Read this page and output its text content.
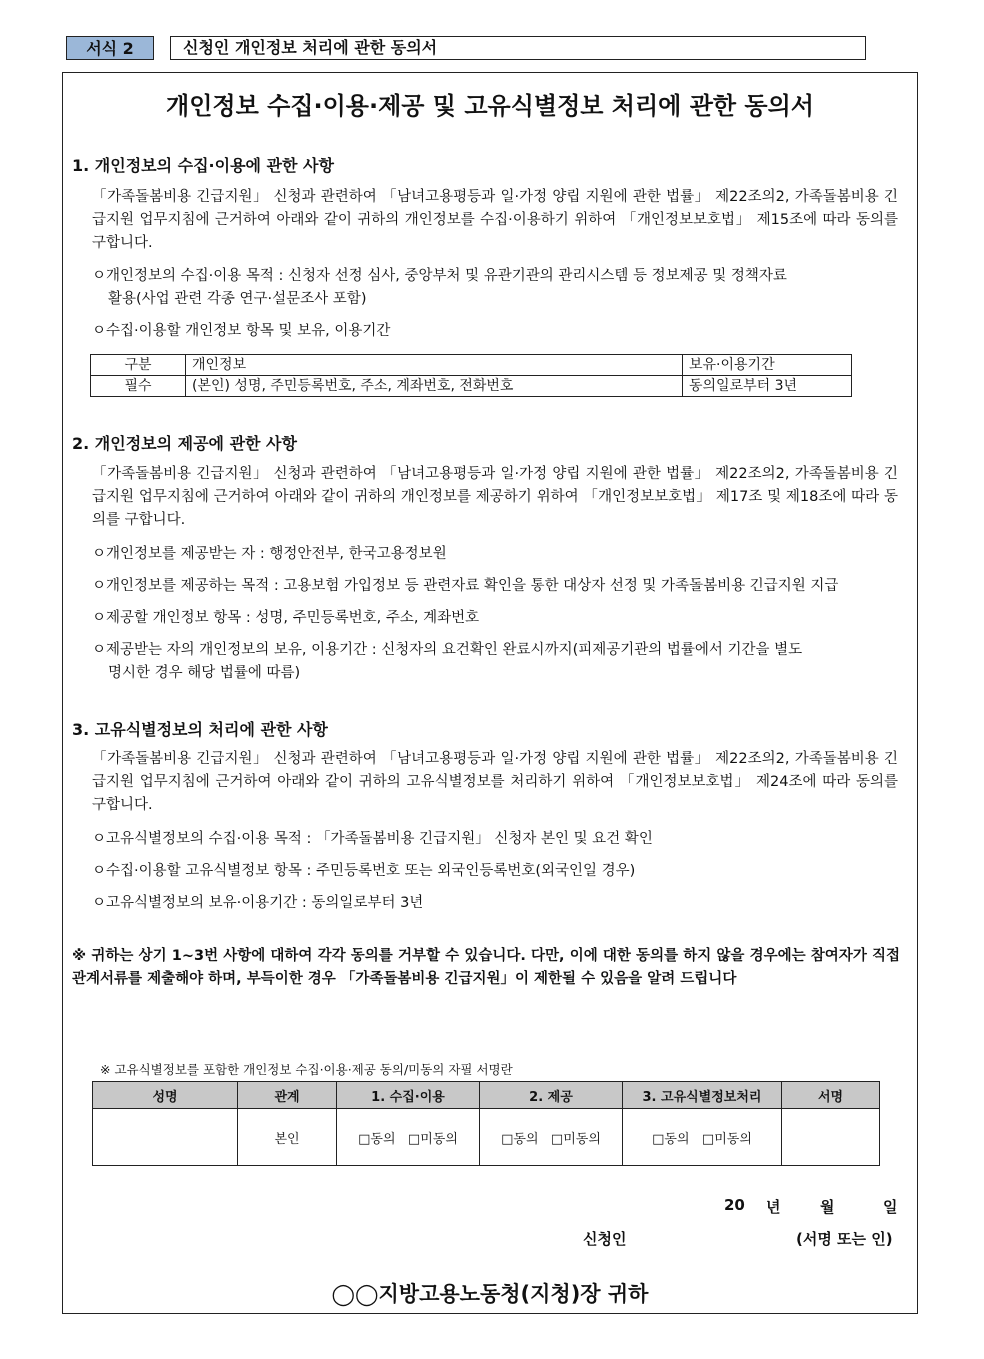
서식 2	신청인 개인정보 처리에 관한 동의서
개인정보 수집·이용·제공 및 고유식별정보 처리에 관한 동의서
1. 개인정보의 수집·이용에 관한 사항
「가족돌봄비용 긴급지원」 신청과 관련하여 「남녀고용평등과 일·가정 양립 지원에 관한 법률」 제22조의2, 가족돌봄비용 긴급지원 업무지침에 근거하여 아래와 같이 귀하의 개인정보를 수집·이용하기 위하여 「개인정보보호법」 제15조에 따라 동의를 구합니다.
ㅇ개인정보의 수집·이용 목적 : 신청자 선정 심사, 중앙부처 및 유관기관의 관리시스템 등 정보제공 및 정책자료
활용(사업 관련 각종 연구·설문조사 포함)
ㅇ수집·이용할 개인정보 항목 및 보유, 이용기간
구분	개인정보	보유·이용기간
필수	(본인) 성명, 주민등록번호, 주소, 계좌번호, 전화번호	동의일로부터 3년
2. 개인정보의 제공에 관한 사항
「가족돌봄비용 긴급지원」 신청과 관련하여 「남녀고용평등과 일·가정 양립 지원에 관한 법률」 제22조의2, 가족돌봄비용 긴급지원 업무지침에 근거하여 아래와 같이 귀하의 개인정보를 제공하기 위하여 「개인정보보호법」 제17조 및 제18조에 따라 동의를 구합니다.
ㅇ개인정보를 제공받는 자 : 행정안전부, 한국고용정보원
ㅇ개인정보를 제공하는 목적 : 고용보험 가입정보 등 관련자료 확인을 통한 대상자 선정 및 가족돌봄비용 긴급지원 지급
ㅇ제공할 개인정보 항목 : 성명, 주민등록번호, 주소, 계좌번호
ㅇ제공받는 자의 개인정보의 보유, 이용기간 : 신청자의 요건확인 완료시까지(피제공기관의 법률에서 기간을 별도
명시한 경우 해당 법률에 따름)
3. 고유식별정보의 처리에 관한 사항
「가족돌봄비용 긴급지원」 신청과 관련하여 「남녀고용평등과 일·가정 양립 지원에 관한 법률」 제22조의2, 가족돌봄비용 긴급지원 업무지침에 근거하여 아래와 같이 귀하의 고유식별정보를 처리하기 위하여 「개인정보보호법」 제24조에 따라 동의를 구합니다.
ㅇ고유식별정보의 수집·이용 목적 : 「가족돌봄비용 긴급지원」 신청자 본인 및 요건 확인
ㅇ수집·이용할 고유식별정보 항목 : 주민등록번호 또는 외국인등록번호(외국인일 경우)
ㅇ고유식별정보의 보유·이용기간 : 동의일로부터 3년
※ 귀하는 상기 1~3번 사항에 대하여 각각 동의를 거부할 수 있습니다. 다만, 이에 대한 동의를 하지 않을 경우에는 참여자가 직접 관계서류를 제출해야 하며, 부득이한 경우 「가족돌봄비용 긴급지원」이 제한될 수 있음을 알려 드립니다
※ 고유식별정보를 포함한 개인정보 수집·이용·제공 동의/미동의 자필 서명란
성명	관계	1. 수집·이용	2. 제공	3. 고유식별정보처리	서명
	본인	□동의 □미동의	□동의 □미동의	□동의 □미동의	
20 년	월	일
신청인	(서명 또는 인)
◯◯지방고용노동청(지청)장 귀하
